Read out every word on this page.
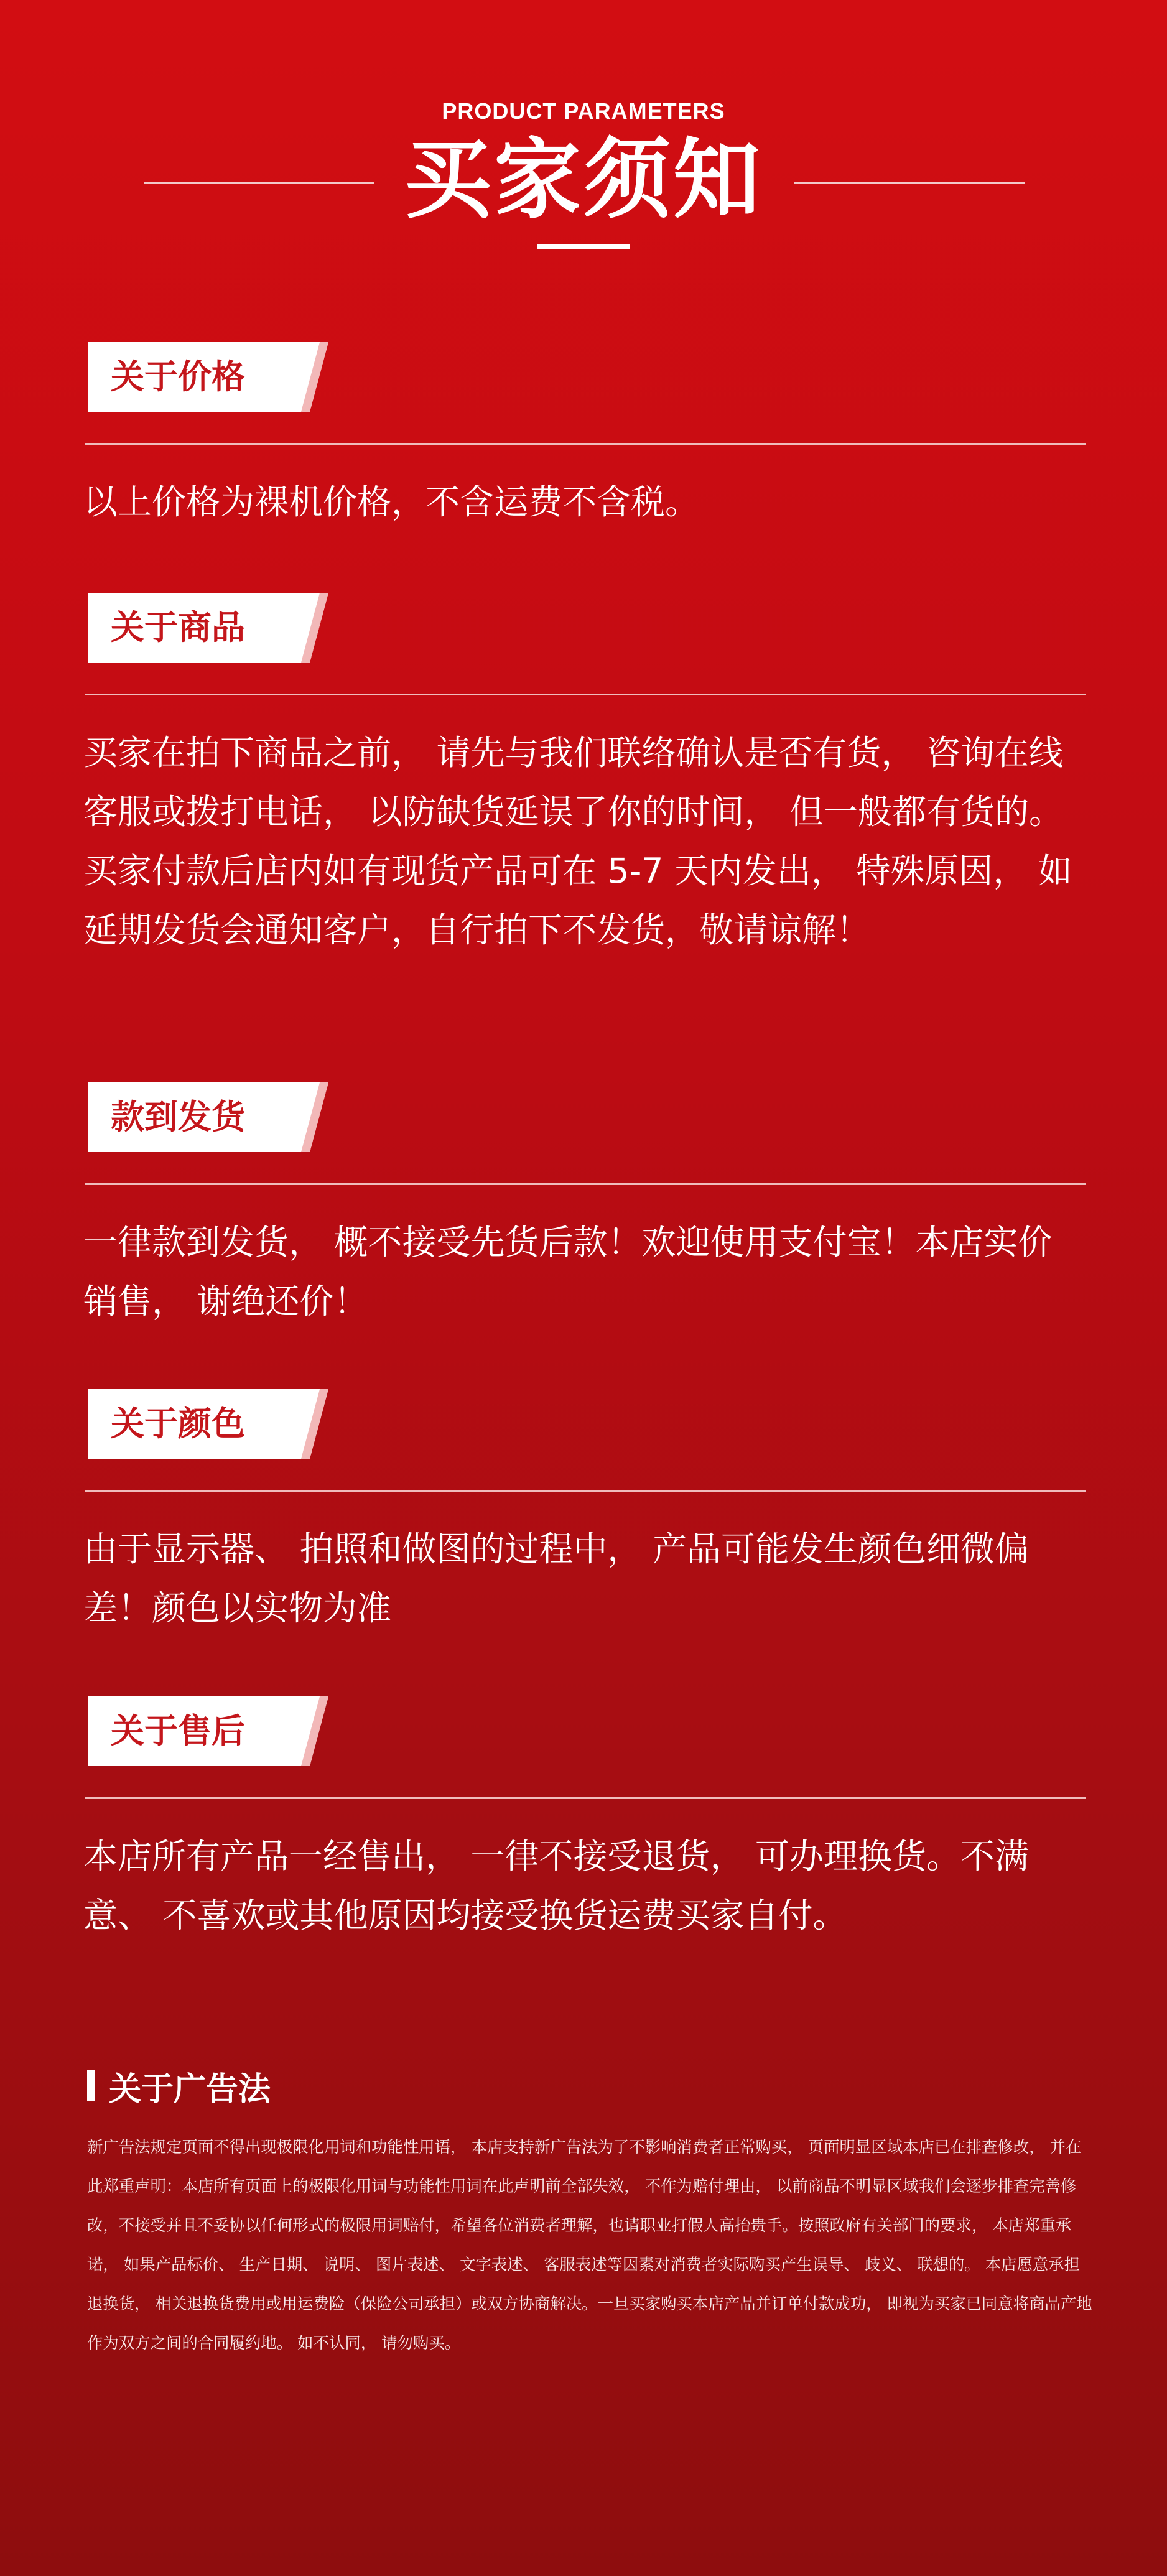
PRODUCT PARAMETERS
买家须知
关于价格

以上价格为裸机价格，不含运费不含税。

关于商品

买家在拍下商品之前， 请先与我们联络确认是否有货， 咨询在线客服或拨打电话， 以防缺货延误了你的时间， 但一般都有货的。 买家付款后店内如有现货产品可在 5-7 天内发出， 特殊原因， 如延期发货会通知客户，自行拍下不发货，敬请谅解！

款到发货

一律款到发货， 概不接受先货后款！欢迎使用支付宝！本店实价销售， 谢绝还价！

关于颜色

由于显示器、 拍照和做图的过程中， 产品可能发生颜色细微偏差！颜色以实物为准

关于售后

本店所有产品一经售出， 一律不接受退货， 可办理换货。不满意、 不喜欢或其他原因均接受换货运费买家自付。

关于广告法

新广告法规定页面不得出现极限化用词和功能性用语， 本店支持新广告法为了不影响消费者正常购买， 页面明显区域本店已在排查修改， 并在此郑重声明：本店所有页面上的极限化用词与功能性用词在此声明前全部失效， 不作为赔付理由， 以前商品不明显区域我们会逐步排查完善修改，不接受并且不妥协以任何形式的极限用词赔付，希望各位消费者理解，也请职业打假人高抬贵手。按照政府有关部门的要求， 本店郑重承诺， 如果产品标价、 生产日期、 说明、 图片表述、 文字表述、 客服表述等因素对消费者实际购买产生误导、 歧义、 联想的。 本店愿意承担退换货， 相关退换货费用或用运费险（保险公司承担）或双方协商解决。一旦买家购买本店产品并订单付款成功， 即视为买家已同意将商品产地作为双方之间的合同履约地。 如不认同， 请勿购买。
